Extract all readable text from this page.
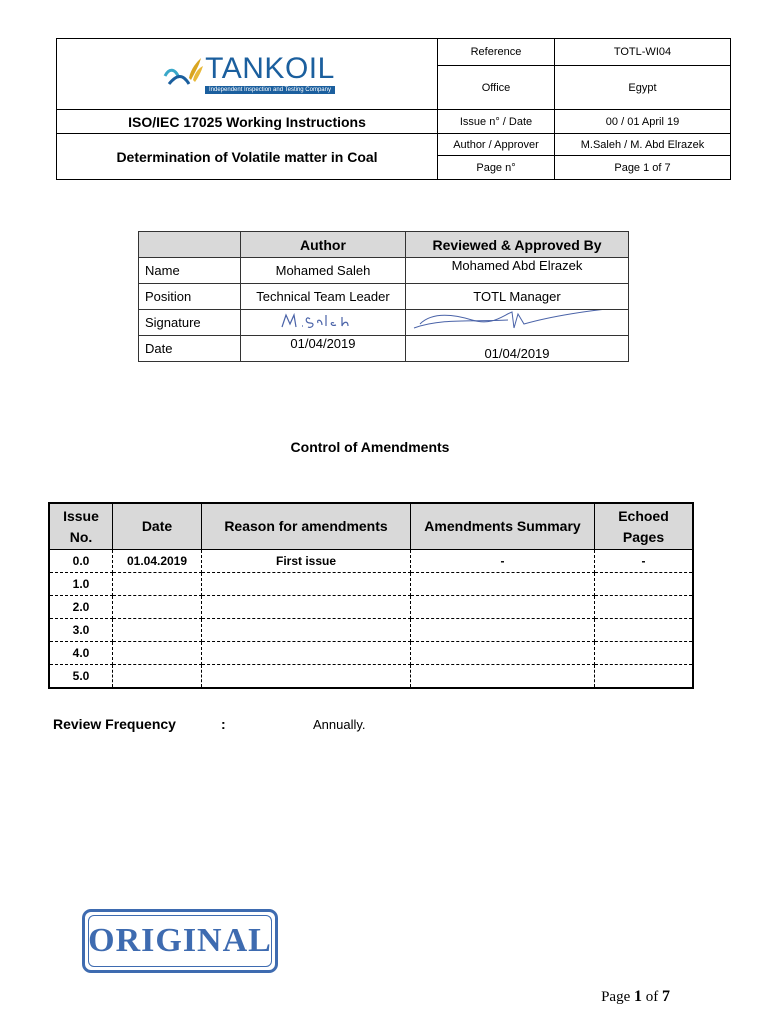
TANKOIL
Independent Inspection and Testing Company	Reference	TOTL-WI04
	Office	Egypt
ISO/IEC 17025 Working Instructions	Issue n° / Date	00 / 01 April 19
Determination of Volatile matter in Coal	Author / Approver	M.Saleh / M. Abd Elrazek
	Page n°	Page 1 of 7
	Author	Reviewed & Approved By
Name	Mohamed Saleh	Mohamed Abd Elrazek
Position	Technical Team Leader	TOTL Manager
Signature		
Date	01/04/2019	01/04/2019
Control of Amendments
Issue No.	Date	Reason for amendments	Amendments Summary	Echoed Pages
0.0	01.04.2019	First issue	-	-
1.0				
2.0				
3.0				
4.0				
5.0				
Review Frequency	:	Annually.
ORIGINAL
Page 1 of 7
